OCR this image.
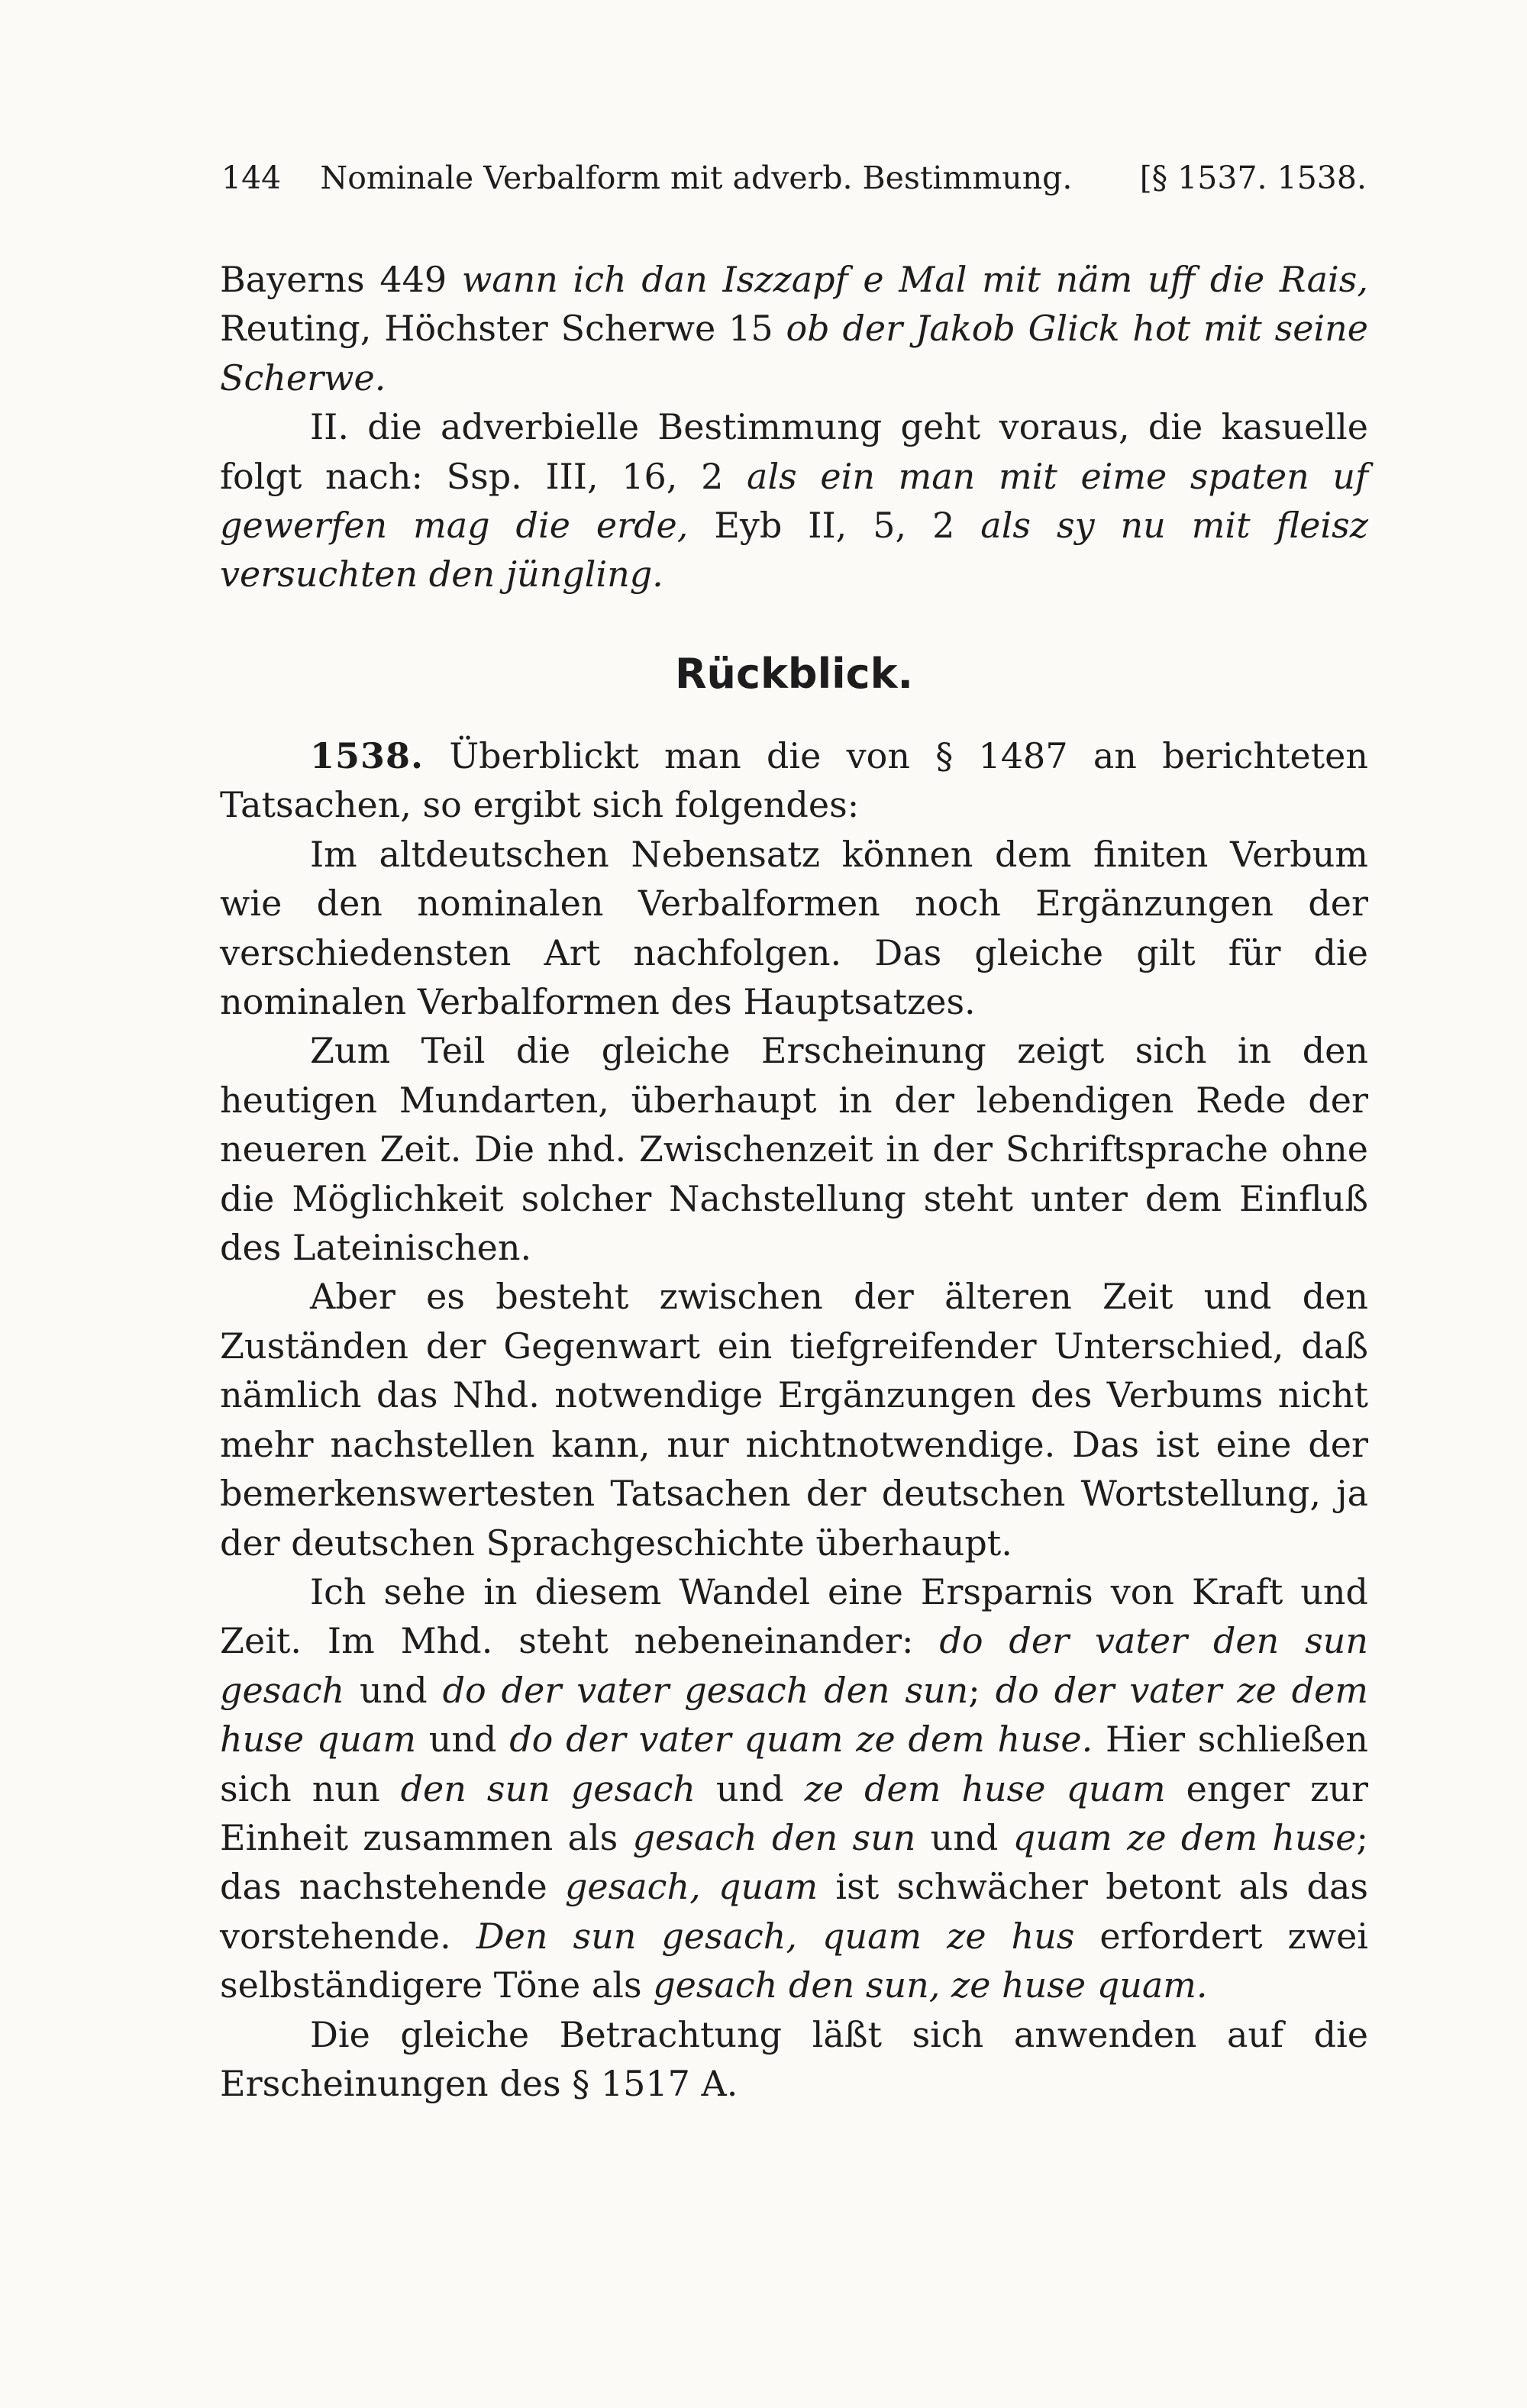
144 Nominale Verbalform mit adverb. Bestimmung. [§ 1537. 1538.

Bayerns 449 wann ich dan Iszzapf e Mal mit näm uff die Rais, Reuting, Höchster Scherwe 15 ob der Jakob Glick hot mit seine Scherwe.

II. die adverbielle Bestimmung geht voraus, die kasuelle folgt nach: Ssp. III, 16, 2 als ein man mit eime spaten uf gewerfen mag die erde, Eyb II, 5, 2 als sy nu mit fleisz versuchten den jüngling.

Rückblick.

1538. Überblickt man die von § 1487 an berichteten Tatsachen, so ergibt sich folgendes:

Im altdeutschen Nebensatz können dem finiten Verbum wie den nominalen Verbalformen noch Ergänzungen der verschiedensten Art nachfolgen. Das gleiche gilt für die nominalen Verbalformen des Hauptsatzes.

Zum Teil die gleiche Erscheinung zeigt sich in den heutigen Mundarten, überhaupt in der lebendigen Rede der neueren Zeit. Die nhd. Zwischenzeit in der Schriftsprache ohne die Möglichkeit solcher Nachstellung steht unter dem Einfluß des Lateinischen.

Aber es besteht zwischen der älteren Zeit und den Zuständen der Gegenwart ein tiefgreifender Unterschied, daß nämlich das Nhd. notwendige Ergänzungen des Verbums nicht mehr nachstellen kann, nur nichtnotwendige. Das ist eine der bemerkenswertesten Tatsachen der deutschen Wortstellung, ja der deutschen Sprachgeschichte überhaupt.

Ich sehe in diesem Wandel eine Ersparnis von Kraft und Zeit. Im Mhd. steht nebeneinander: do der vater den sun gesach und do der vater gesach den sun; do der vater ze dem huse quam und do der vater quam ze dem huse. Hier schließen sich nun den sun gesach und ze dem huse quam enger zur Einheit zusammen als gesach den sun und quam ze dem huse; das nachstehende gesach, quam ist schwächer betont als das vorstehende. Den sun gesach, quam ze hus erfordert zwei selbständigere Töne als gesach den sun, ze huse quam.

Die gleiche Betrachtung läßt sich anwenden auf die Erscheinungen des § 1517 A.
